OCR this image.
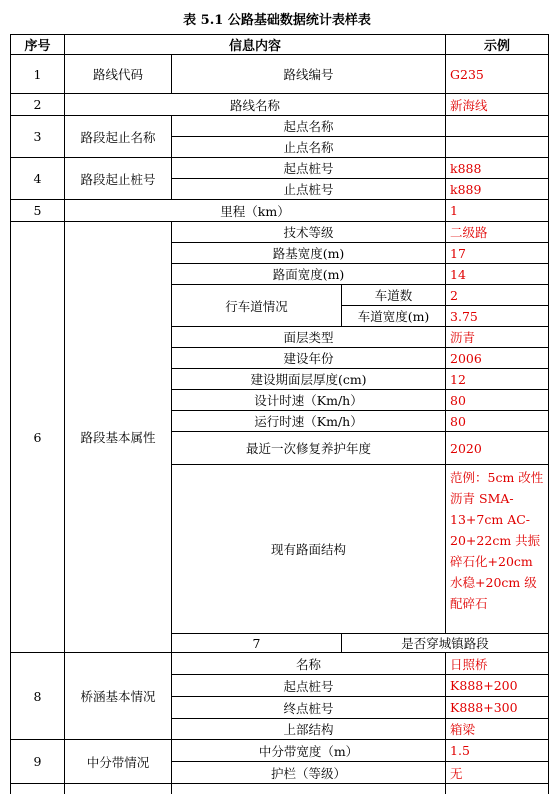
表 5.1 公路基础数据统计表样表
序号	信息内容			示例	
1	路线代码	路线编号		G235	
2	路线名称			新海线	
3	路段起止名称	起点名称			
		止点名称			
4	路段起止桩号	起点桩号		k888	
		止点桩号		k889	
5	里程（km）			1	
6	路段基本属性	技术等级		二级路	
		路基宽度(m)		17	
		路面宽度(m)		14	
		行车道情况	车道数	2	
			车道宽度(m)	3.75	
		面层类型		沥青	
		建设年份		2006	
		建设期面层厚度(cm)		12	
		设计时速（Km/h）		80	
		运行时速（Km/h）		80	
		最近一次修复养护年度		2020	
		现有路面结构		范例：5cm 改性沥青 SMA-13+7cm AC-20+22cm 共振碎石化+20cm 水稳+20cm 级配碎石	
		7	是否穿城镇路段	
8	桥涵基本情况	名称		日照桥	
		起点桩号		K888+200	
		终点桩号		K888+300	
		上部结构		箱梁	
9	中分带情况	中分带宽度（m）		1.5	
		护栏（等级）		无	
